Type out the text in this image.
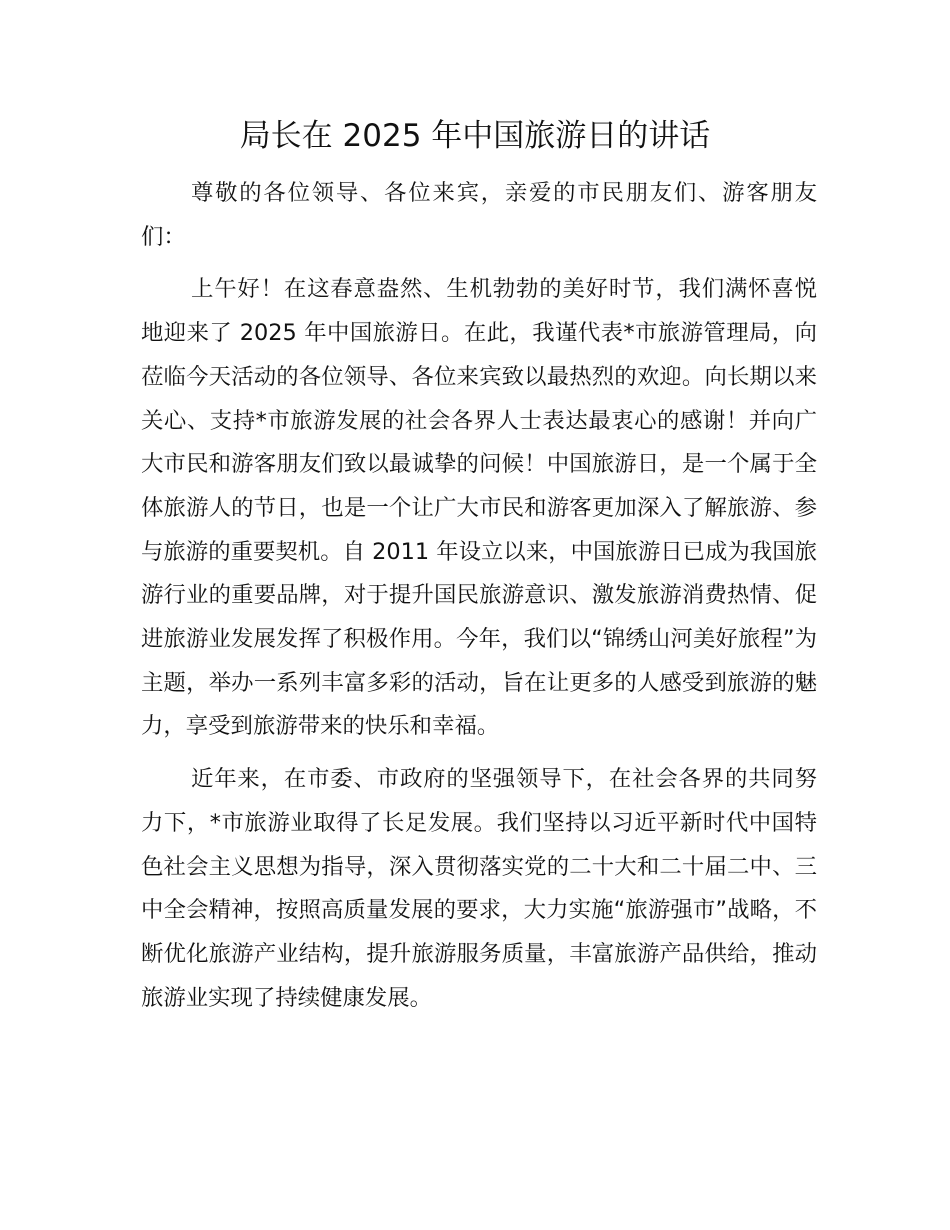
局长在 2025 年中国旅游日的讲话

尊敬的各位领导、各位来宾，亲爱的市民朋友们、游客朋友们：

上午好！在这春意盎然、生机勃勃的美好时节，我们满怀喜悦地迎来了 2025 年中国旅游日。在此，我谨代表*市旅游管理局，向莅临今天活动的各位领导、各位来宾致以最热烈的欢迎。向长期以来关心、支持*市旅游发展的社会各界人士表达最衷心的感谢！并向广大市民和游客朋友们致以最诚挚的问候！中国旅游日，是一个属于全体旅游人的节日，也是一个让广大市民和游客更加深入了解旅游、参与旅游的重要契机。自 2011 年设立以来，中国旅游日已成为我国旅游行业的重要品牌，对于提升国民旅游意识、激发旅游消费热情、促进旅游业发展发挥了积极作用。今年，我们以“锦绣山河美好旅程”为主题，举办一系列丰富多彩的活动，旨在让更多的人感受到旅游的魅力，享受到旅游带来的快乐和幸福。

近年来，在市委、市政府的坚强领导下，在社会各界的共同努力下，*市旅游业取得了长足发展。我们坚持以习近平新时代中国特色社会主义思想为指导，深入贯彻落实党的二十大和二十届二中、三中全会精神，按照高质量发展的要求，大力实施“旅游强市”战略，不断优化旅游产业结构，提升旅游服务质量，丰富旅游产品供给，推动旅游业实现了持续健康发展。
